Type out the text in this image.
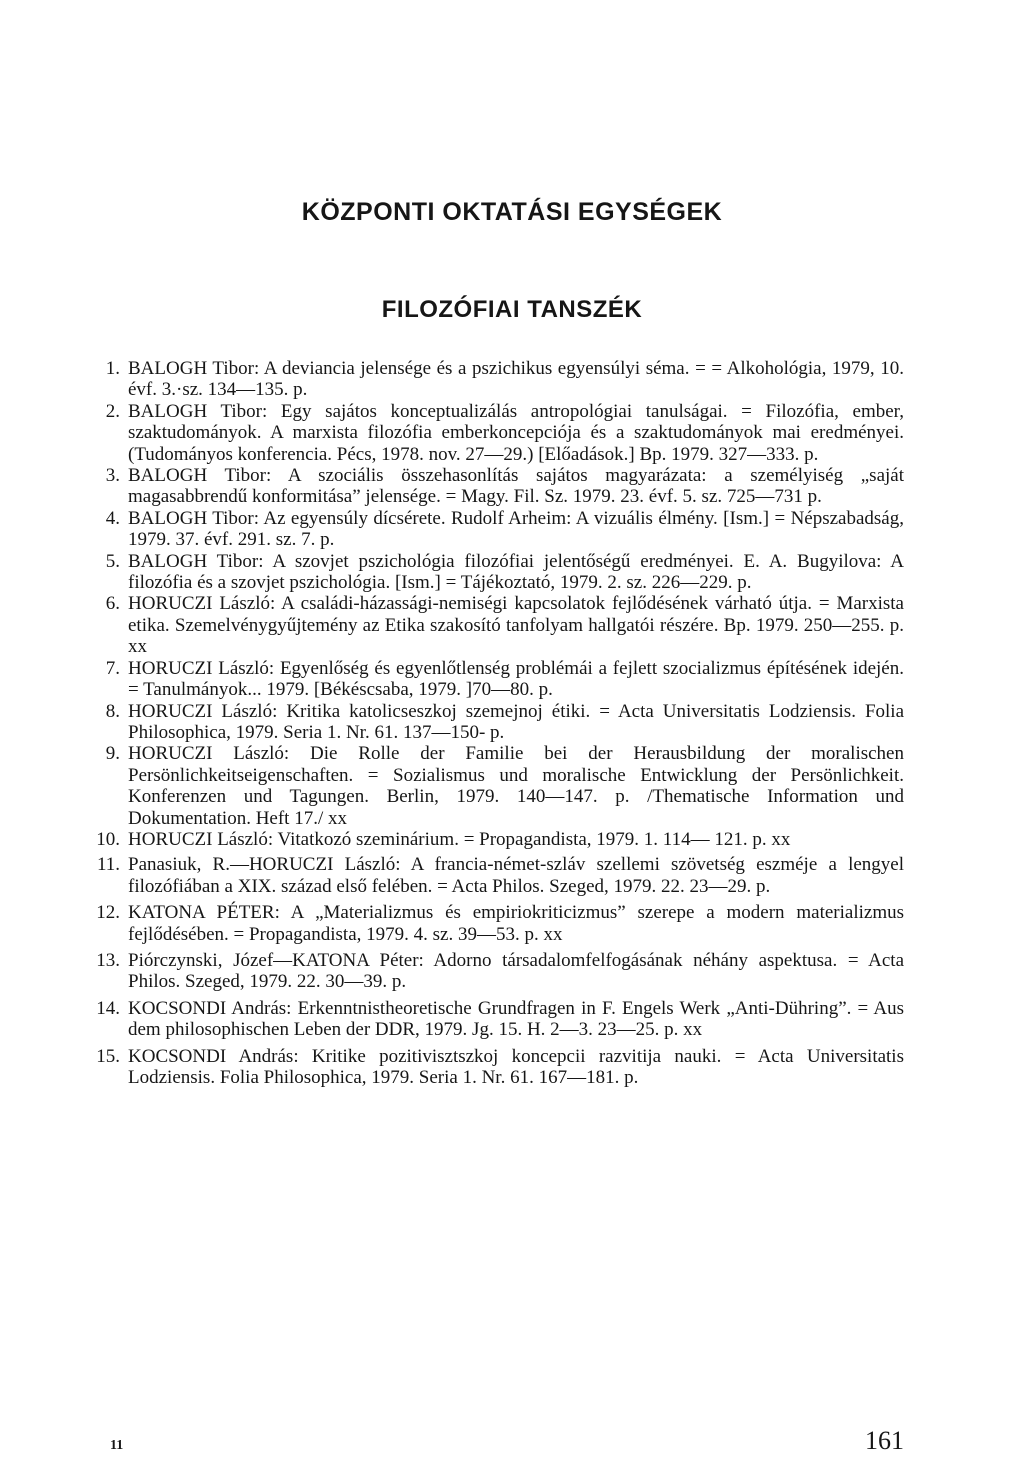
KÖZPONTI OKTATÁSI EGYSÉGEK
FILOZÓFIAI TANSZÉK
1. BALOGH Tibor: A deviancia jelensége és a pszichikus egyensúlyi séma. = = Alkohológia, 1979, 10. évf. 3.·sz. 134—135. p.
2. BALOGH Tibor: Egy sajátos konceptualizálás antropológiai tanulságai. = Filozófia, ember, szaktudományok. A marxista filozófia emberkoncepciója és a szaktudományok mai eredményei. (Tudományos konferencia. Pécs, 1978. nov. 27—29.) [Előadások.] Bp. 1979. 327—333. p.
3. BALOGH Tibor: A szociális összehasonlítás sajátos magyarázata: a személyiség „saját magasabbrendű konformitása” jelensége. = Magy. Fil. Sz. 1979. 23. évf. 5. sz. 725—731 p.
4. BALOGH Tibor: Az egyensúly dícsérete. Rudolf Arheim: A vizuális élmény. [Ism.] = Népszabadság, 1979. 37. évf. 291. sz. 7. p.
5. BALOGH Tibor: A szovjet pszichológia filozófiai jelentőségű eredményei. E. A. Bugyilova: A filozófia és a szovjet pszichológia. [Ism.] = Tájékoztató, 1979. 2. sz. 226—229. p.
6. HORUCZI László: A családi-házassági-nemiségi kapcsolatok fejlődésének várható útja. = Marxista etika. Szemelvénygyűjtemény az Etika szakosító tanfolyam hallgatói részére. Bp. 1979. 250—255. p. xx
7. HORUCZI László: Egyenlőség és egyenlőtlenség problémái a fejlett szocializmus építésének idején. = Tanulmányok... 1979. [Békéscsaba, 1979. ]70—80. p.
8. HORUCZI László: Kritika katolicseszkoj szemejnoj étiki. = Acta Universitatis Lodziensis. Folia Philosophica, 1979. Seria 1. Nr. 61. 137—150- p.
9. HORUCZI László: Die Rolle der Familie bei der Herausbildung der moralischen Persönlichkeitseigenschaften. = Sozialismus und moralische Entwicklung der Persönlichkeit. Konferenzen und Tagungen. Berlin, 1979. 140—147. p. /Thematische Information und Dokumentation. Heft 17./ xx
10. HORUCZI László: Vitatkozó szeminárium. = Propagandista, 1979. 1. 114— 121. p. xx
11. Panasiuk, R.—HORUCZI László: A francia-német-szláv szellemi szövetség eszméje a lengyel filozófiában a XIX. század első felében. = Acta Philos. Szeged, 1979. 22. 23—29. p.
12. KATONA PÉTER: A „Materializmus és empiriokriticizmus” szerepe a modern materializmus fejlődésében. = Propagandista, 1979. 4. sz. 39—53. p. xx
13. Piórczynski, Józef—KATONA Péter: Adorno társadalomfelfogásának néhány aspektusa. = Acta Philos. Szeged, 1979. 22. 30—39. p.
14. KOCSONDI András: Erkenntnistheoretische Grundfragen in F. Engels Werk „Anti-Dühring”. = Aus dem philosophischen Leben der DDR, 1979. Jg. 15. H. 2—3. 23—25. p. xx
15. KOCSONDI András: Kritike pozitivisztszkoj koncepcii razvitija nauki. = Acta Universitatis Lodziensis. Folia Philosophica, 1979. Seria 1. Nr. 61. 167—181. p.
11	161
